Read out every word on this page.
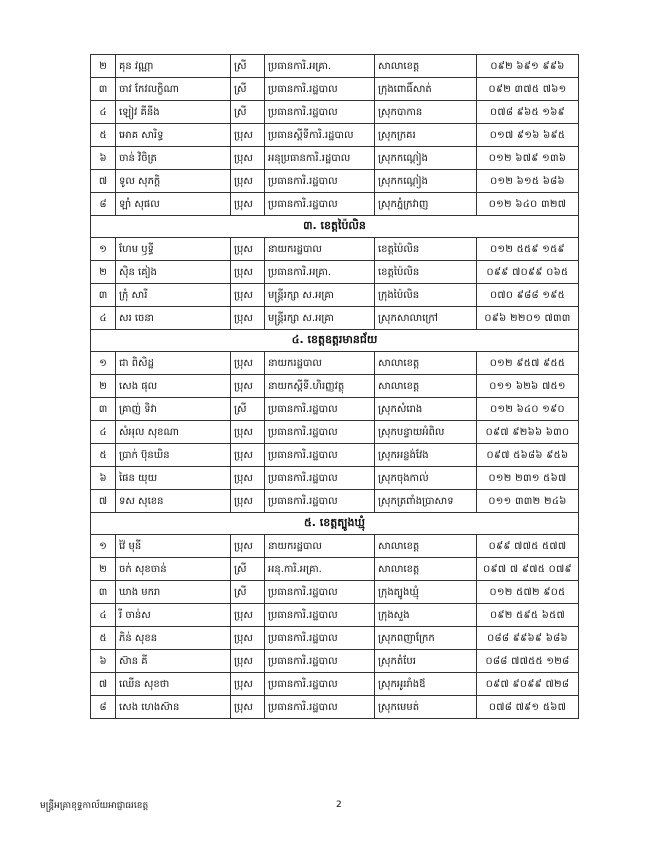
២	គុន វណ្ណា	ស្រី	ប្រធានការិ.អគ្រា.	សាលាខេត្ត	០៩២ ៦៩១ ៩៩៦
៣	ចាវ កែវលក្ខិណា	ស្រី	ប្រធានការិ.រដ្ឋបាល	ក្រុងពោធិ៍សាត់	០៩២ ៣៧៥ ៧៦១
៤	ឡៀវ គីនីង	ស្រី	ប្រធានការិ.រដ្ឋបាល	ស្រុកបាកាន	០៧៨ ៩៦៥ ១៦៩
៥	អោគ សារិទ្ធ	ប្រុស	ប្រធានស្តីទីការិ.រដ្ឋបាល	ស្រុកក្រគរ	០១៧ ៩១៦ ៦៩៥
៦	ចាន់ វិចិត្រ	ប្រុស	អនុប្រធានការិ.រដ្ឋបាល	ស្រុកកណ្តៀង	០១២ ៦៧៩ ១៣៦
៧	ទូល សុភក្តិ	ប្រុស	ប្រធានការិ.រដ្ឋបាល	ស្រុកកណ្ដៀង	០១២ ៦១៥ ៦៨៦
៨	ឡាំ សុផល	ប្រុស	ប្រធានការិ.រដ្ឋបាល	ស្រុកភ្នំក្រវាញ	០១២ ៦៤០ ៣២៧
៣. ខេត្តប៉ៃលិន					
១	ហែម ឫទ្ធី	ប្រុស	នាយករដ្ឋបាល	ខេត្តប៉ៃលិន	០១២ ៥៥៩ ១៥៩
២	ស៊ិន គៀង	ប្រុស	ប្រធានការិ.អគ្រា.	ខេត្តប៉ៃលិន	០៩៩ ៧០៩៩ ០៦៥
៣	ក្រុំ សារី	ប្រុស	មន្ត្រីរក្សា ស.អគ្រា	ក្រុងប៉ៃលិន	០៧០ ៩៨៨ ១៩៥
៤	សរ ចេនា	ប្រុស	មន្ត្រីរក្សា ស.អគ្រា	ស្រុកសាលាក្រៅ	០៩៦ ២២០១ ៧៣៣
៤. ខេត្តឧត្តរមានជ័យ					
១	ជា ពិសិដ្ឋ	ប្រុស	នាយករដ្ឋបាល	សាលាខេត្ត	០១២ ៩៥៧ ៩៥៥
២	សេង ផុល	ប្រុស	នាយកស្តីទី.ហិរញ្ញវត្ថុ	សាលាខេត្ត	០១១ ៦២៦ ៧៥១
៣	គ្រាញ់ ទិវា	ស្រី	ប្រធានការិ.រដ្ឋបាល	ស្រុកសំរោង	០១២ ៦៤០ ១៩០
៤	សំអុល សុខណា	ប្រុស	ប្រធានការិ.រដ្ឋបាល	ស្រុកបន្ទាយអំពិល	០៩៧ ៩២៦៦ ៦៣០
៥	ប្រាក់ ប៊ុនឃិន	ប្រុស	ប្រធានការិ.រដ្ឋបាល	ស្រុកអន្លង់វែង	០៩៧ ៥៦៨៦ ៩៥៦
៦	ផៃន យុយ	ប្រុស	ប្រធានការិ.រដ្ឋបាល	ស្រុកចុងកាល់	០១២ ២៣១ ៥៦៧
៧	ទស សុខេន	ប្រុស	ប្រធានការិ.រដ្ឋបាល	ស្រុកត្រពាំងប្រាសាទ	០១១ ៣៣២ ២៤៦
៥. ខេត្តត្បូងឃ្មុំ					
១	វ៉ៃ មុនី	ប្រុស	នាយករដ្ឋបាល	សាលាខេត្ត	០៩៩ ៧៧៥ ៥៧៧
២	ចក់ សុខចាន់	ស្រី	អនុ.ការិ.អគ្រា.	សាលាខេត្ត	០៩៧ ៧ ៩៧៥ ០៧៩
៣	ឃាង មករា	ស្រី	ប្រធានការិ.រដ្ឋបាល	ក្រុងត្បូងឃ្មុំ	០១២ ៥៧២ ៩០៥
៤	រី ចាន់ស	ប្រុស	ប្រធានការិ.រដ្ឋបាល	ក្រុងសួង	០៩២ ៥៩៥ ៦៥៧
៥	ភិន់ សុខន	ប្រុស	ប្រធានការិ.រដ្ឋបាល	ស្រុកពញាក្រែក	០៨៨ ៩៩៦៩ ៦៨៦
៦	ស៊ាន គី	ប្រុស	ប្រធានការិ.រដ្ឋបាល	ស្រុកតំបែរ	០៨៨ ៧៧៥៥ ១២៨
៧	ឈើន សុខថា	ប្រុស	ប្រធានការិ.រដ្ឋបាល	ស្រុកអូររាំងឪ	០៩៧ ៩០៩៩ ៧២៨
៨	សេង ហេងស៊ាន	ប្រុស	ប្រធានការិ.រដ្ឋបាល	ស្រុកមេមត់	០៧៨ ៧៩១ ៥៦៧
មន្ត្រីអគ្រាខុទ្ទកាល័យអាជ្ញាធរខេត្ត	2
